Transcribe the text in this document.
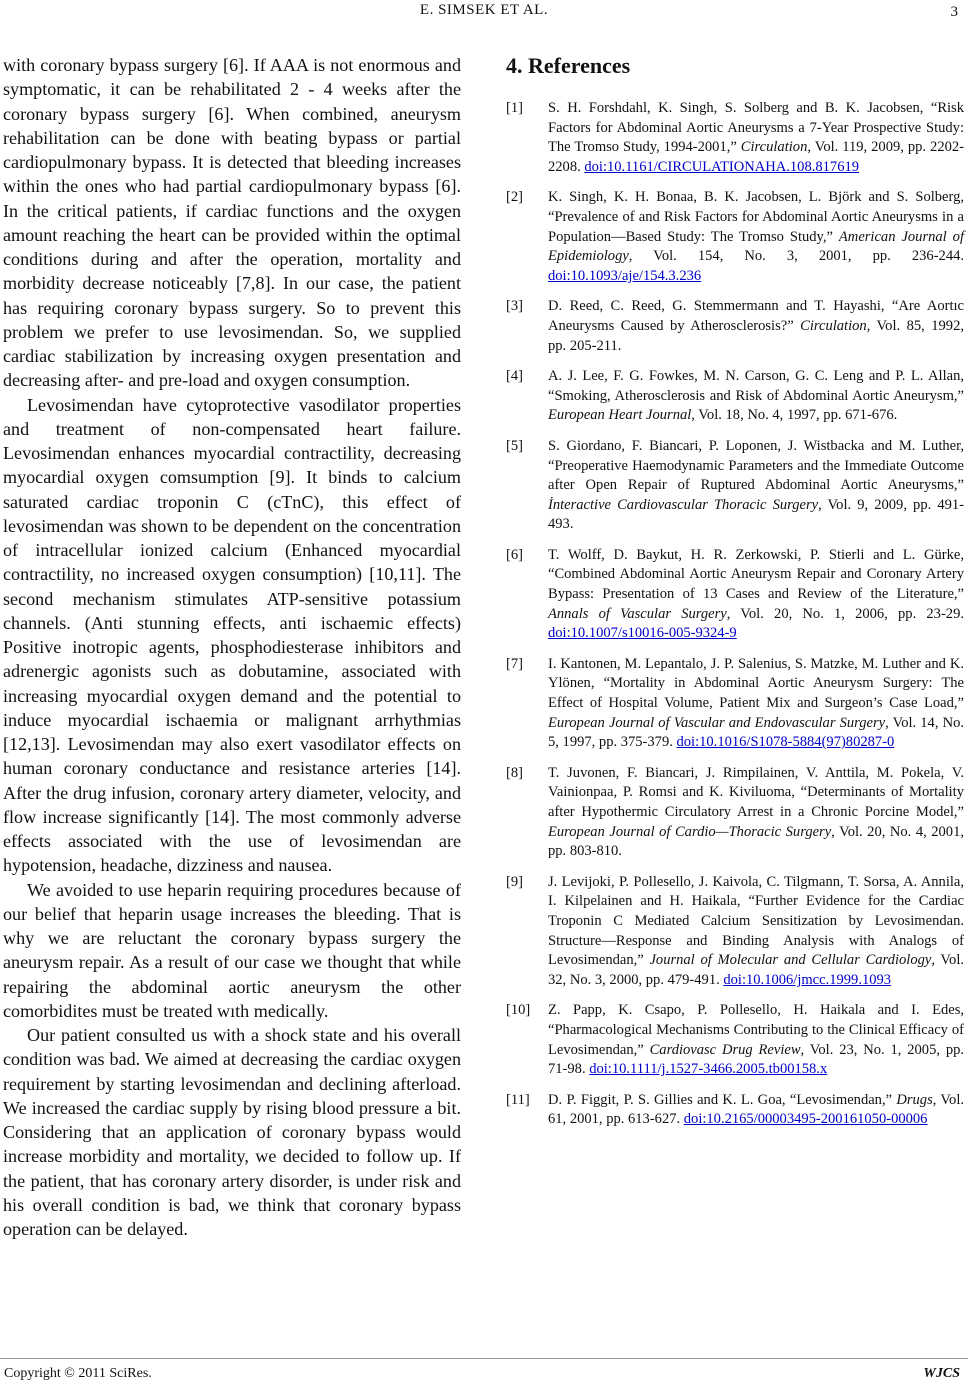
E. SIMSEK ET AL.	3

with coronary bypass surgery [6]. If AAA is not enormous and symptomatic, it can be rehabilitated 2 - 4 weeks after the coronary bypass surgery [6]. When combined, aneurysm rehabilitation can be done with beating bypass or partial cardiopulmonary bypass. It is detected that bleeding increases within the ones who had partial cardiopulmonary bypass [6]. In the critical patients, if cardiac functions and the oxygen amount reaching the heart can be provided within the optimal conditions during and after the operation, mortality and morbidity decrease noticeably [7,8]. In our case, the patient has requiring coronary bypass surgery. So to prevent this problem we prefer to use levosimendan. So, we supplied cardiac stabilization by increasing oxygen presentation and decreasing after- and pre-load and oxygen consumption.

Levosimendan have cytoprotective vasodilator properties and treatment of non-compensated heart failure. Levosimendan enhances myocardial contractility, decreasing myocardial oxygen comsumption [9]. It binds to calcium saturated cardiac troponin C (cTnC), this effect of levosimendan was shown to be dependent on the concentration of intracellular ionized calcium (Enhanced myocardial contractility, no increased oxygen consumption) [10,11]. The second mechanism stimulates ATP-sensitive potassium channels. (Anti stunning effects, anti ischaemic effects) Positive inotropic agents, phosphodiesterase inhibitors and adrenergic agonists such as dobutamine, associated with increasing myocardial oxygen demand and the potential to induce myocardial ischaemia or malignant arrhythmias [12,13]. Levosimendan may also exert vasodilator effects on human coronary conductance and resistance arteries [14]. After the drug infusion, coronary artery diameter, velocity, and flow increase significantly [14]. The most commonly adverse effects associated with the use of levosimendan are hypotension, headache, dizziness and nausea.

We avoided to use heparin requiring procedures because of our belief that heparin usage increases the bleeding. That is why we are reluctant the coronary bypass surgery the aneurysm repair. As a result of our case we thought that while repairing the abdominal aortic aneurysm the other comorbidites must be treated wıth medically.

Our patient consulted us with a shock state and his overall condition was bad. We aimed at decreasing the cardiac oxygen requirement by starting levosimendan and declining afterload. We increased the cardiac supply by rising blood pressure a bit. Considering that an application of coronary bypass would increase morbidity and mortality, we decided to follow up. If the patient, that has coronary artery disorder, is under risk and his overall condition is bad, we think that coronary bypass operation can be delayed.

4. References
[1] S. H. Forshdahl, K. Singh, S. Solberg and B. K. Jacobsen, “Risk Factors for Abdominal Aortic Aneurysms a 7-Year Prospective Study: The Tromso Study, 1994-2001,” Circulation, Vol. 119, 2009, pp. 2202-2208. doi:10.1161/CIRCULATIONAHA.108.817619
[2] K. Singh, K. H. Bonaa, B. K. Jacobsen, L. Björk and S. Solberg, “Prevalence of and Risk Factors for Abdominal Aortic Aneurysms in a Population—Based Study: The Tromso Study,” American Journal of Epidemiology, Vol. 154, No. 3, 2001, pp. 236-244. doi:10.1093/aje/154.3.236
[3] D. Reed, C. Reed, G. Stemmermann and T. Hayashi, “Are Aortıc Aneurysms Caused by Atherosclerosis?” Circulation, Vol. 85, 1992, pp. 205-211.
[4] A. J. Lee, F. G. Fowkes, M. N. Carson, G. C. Leng and P. L. Allan, “Smoking, Atherosclerosis and Risk of Abdominal Aortic Aneurysm,” European Heart Journal, Vol. 18, No. 4, 1997, pp. 671-676.
[5] S. Giordano, F. Biancari, P. Loponen, J. Wistbacka and M. Luther, “Preoperative Haemodynamic Parameters and the Immediate Outcome after Open Repair of Ruptured Abdominal Aortic Aneurysms,” İnteractive Cardiovascular Thoracic Surgery, Vol. 9, 2009, pp. 491-493.
[6] T. Wolff, D. Baykut, H. R. Zerkowski, P. Stierli and L. Gürke, “Combined Abdominal Aortic Aneurysm Repair and Coronary Artery Bypass: Presentation of 13 Cases and Review of the Literature,” Annals of Vascular Surgery, Vol. 20, No. 1, 2006, pp. 23-29. doi:10.1007/s10016-005-9324-9
[7] I. Kantonen, M. Lepantalo, J. P. Salenius, S. Matzke, M. Luther and K. Ylönen, “Mortality in Abdominal Aortic Aneurysm Surgery: The Effect of Hospital Volume, Patient Mix and Surgeon’s Case Load,” European Journal of Vascular and Endovascular Surgery, Vol. 14, No. 5, 1997, pp. 375-379. doi:10.1016/S1078-5884(97)80287-0
[8] T. Juvonen, F. Biancari, J. Rimpilainen, V. Anttila, M. Pokela, V. Vainionpaa, P. Romsi and K. Kiviluoma, “Determinants of Mortality after Hypothermic Circulatory Arrest in a Chronic Porcine Model,” European Journal of Cardio—Thoracic Surgery, Vol. 20, No. 4, 2001, pp. 803-810.
[9] J. Levijoki, P. Pollesello, J. Kaivola, C. Tilgmann, T. Sorsa, A. Annila, I. Kilpelainen and H. Haikala, “Further Evidence for the Cardiac Troponin C Mediated Calcium Sensitization by Levosimendan. Structure—Response and Binding Analysis with Analogs of Levosimendan,” Journal of Molecular and Cellular Cardiology, Vol. 32, No. 3, 2000, pp. 479-491. doi:10.1006/jmcc.1999.1093
[10] Z. Papp, K. Csapo, P. Pollesello, H. Haikala and I. Edes, “Pharmacological Mechanisms Contributing to the Clinical Efficacy of Levosimendan,” Cardiovasc Drug Review, Vol. 23, No. 1, 2005, pp. 71-98. doi:10.1111/j.1527-3466.2005.tb00158.x
[11] D. P. Figgit, P. S. Gillies and K. L. Goa, “Levosimendan,” Drugs, Vol. 61, 2001, pp. 613-627. doi:10.2165/00003495-200161050-00006
Copyright © 2011 SciRes.	WJCS
